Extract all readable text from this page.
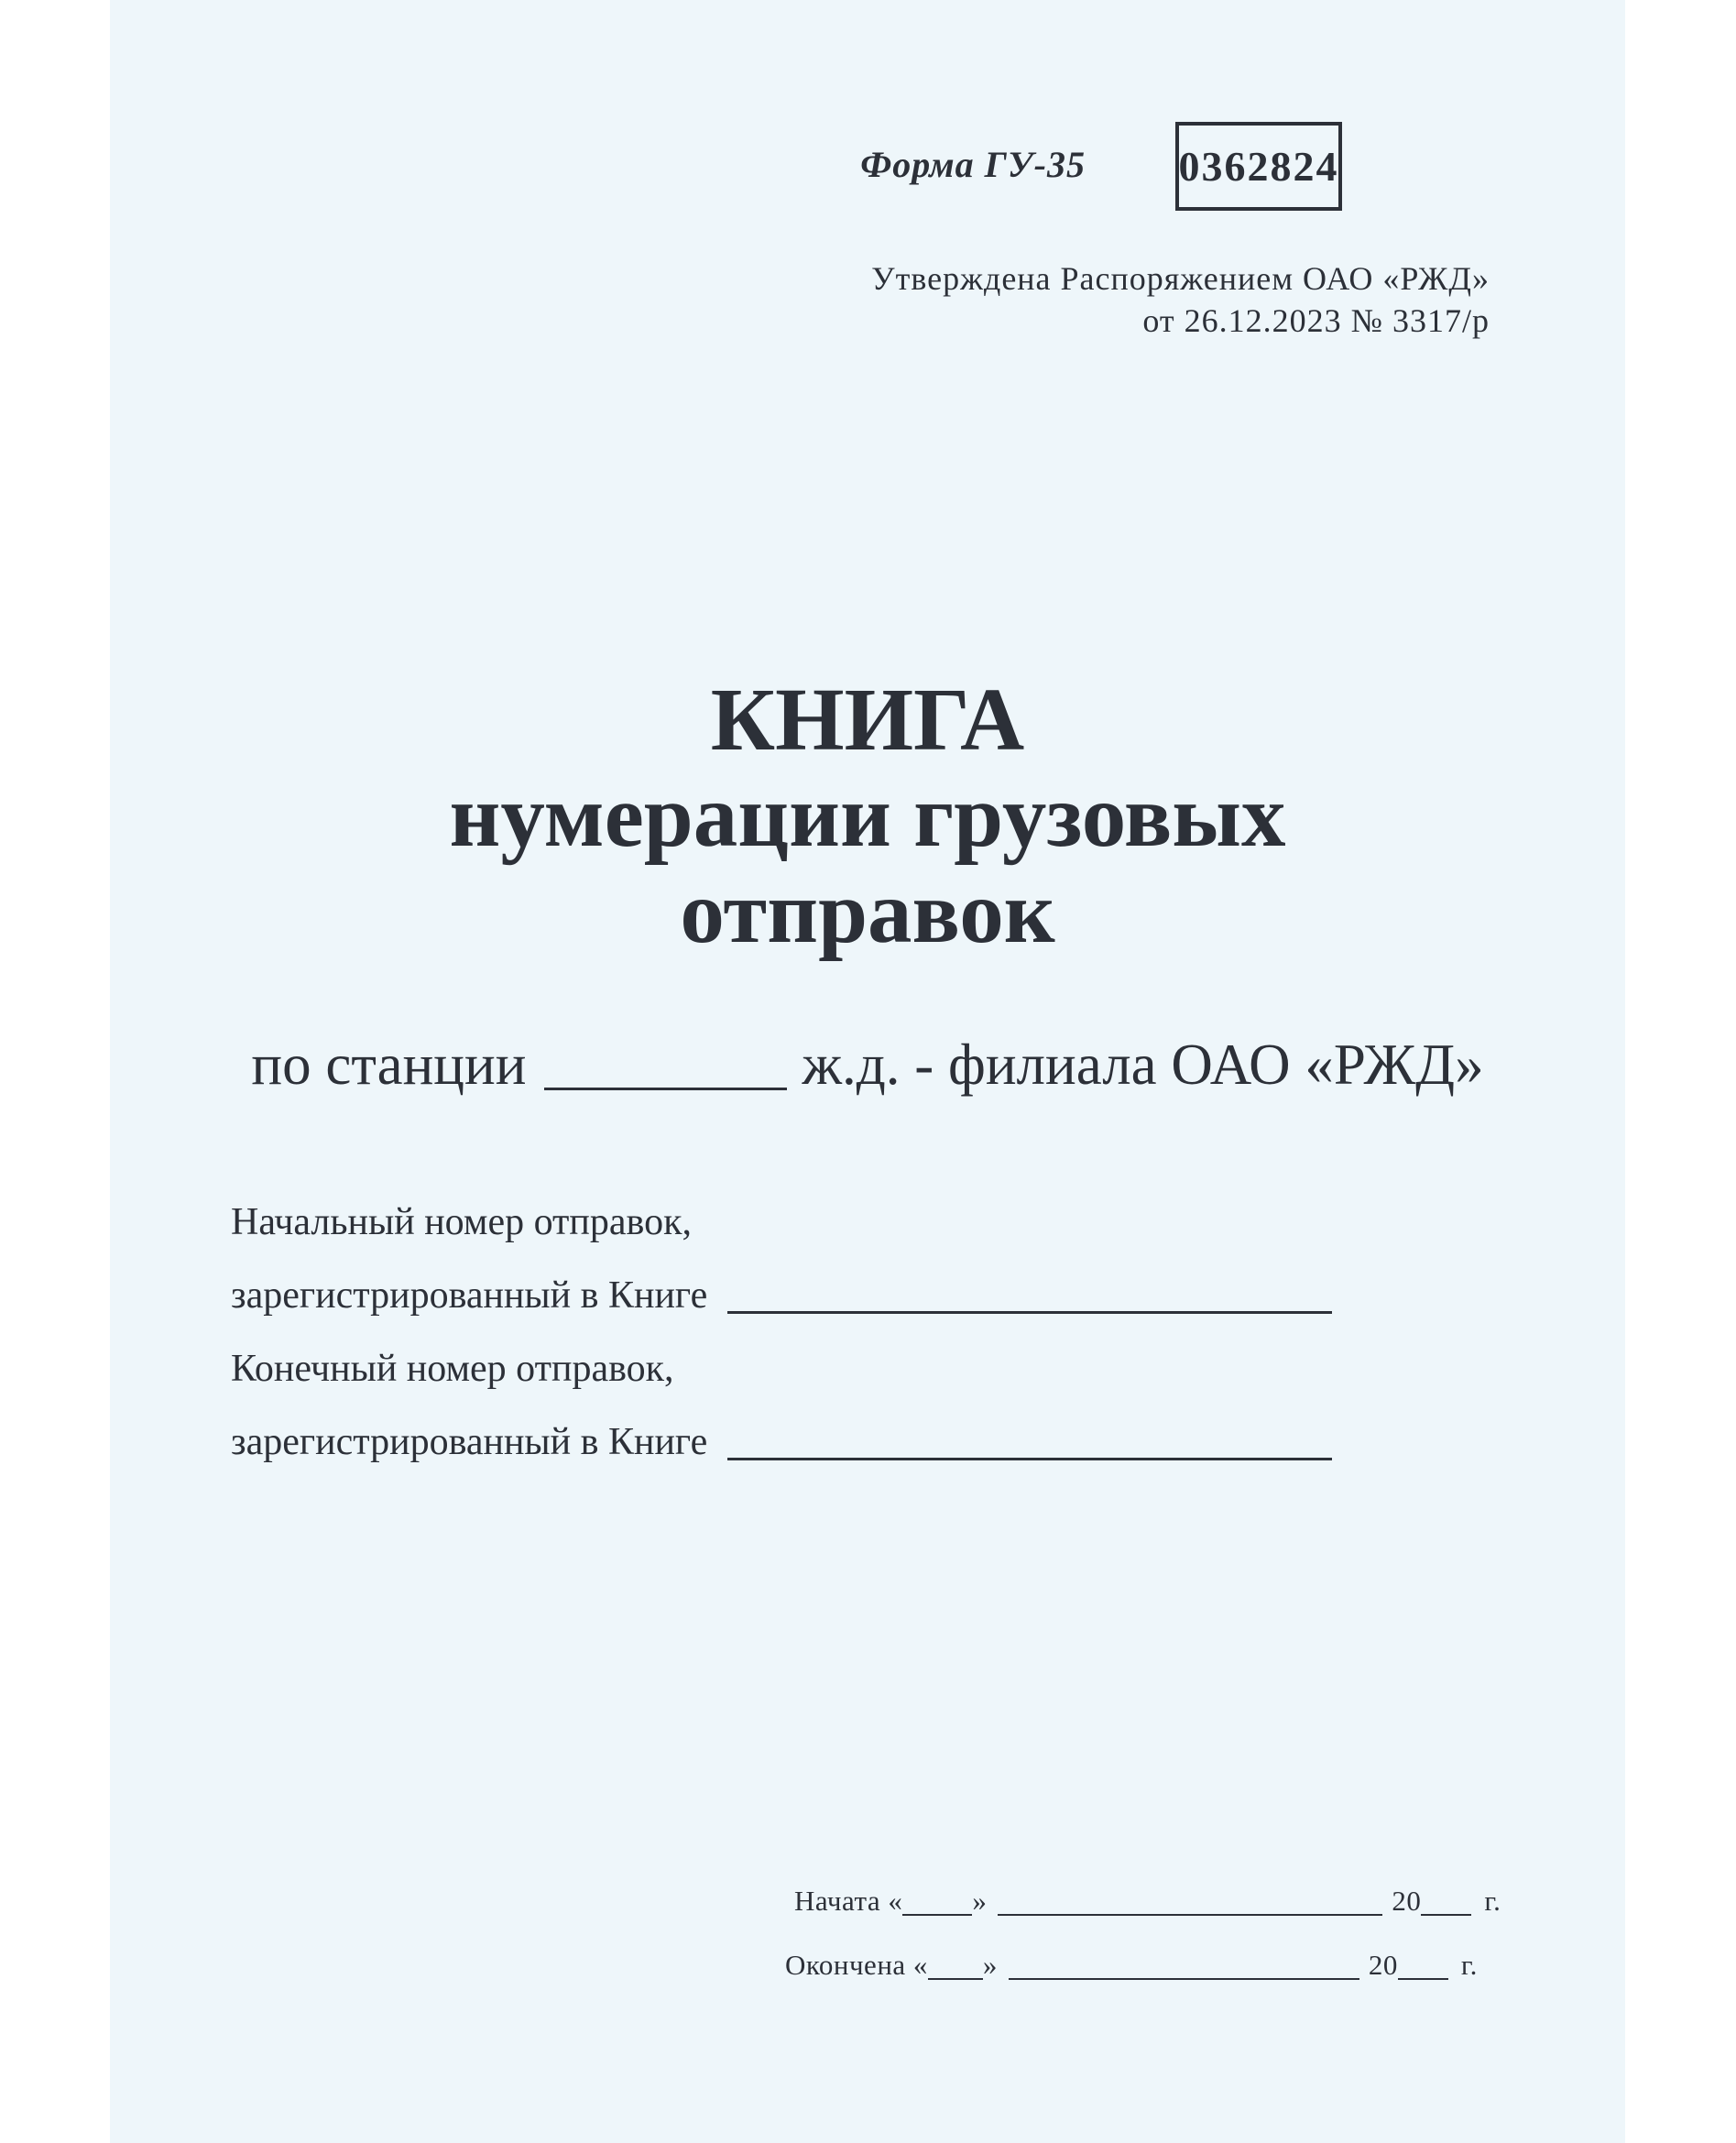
Форма ГУ-35 0362824
Утверждена Распоряжением ОАО «РЖД»
от 26.12.2023 № 3317/р
КНИГА
нумерации грузовых
отправок
по станции	ж.д. - филиала ОАО «РЖД»
Начальный номер отправок,
зарегистрированный в Книге
Конечный номер отправок,
зарегистрированный в Книге
Начата « »	20 г.
Окончена « »	20 г.
